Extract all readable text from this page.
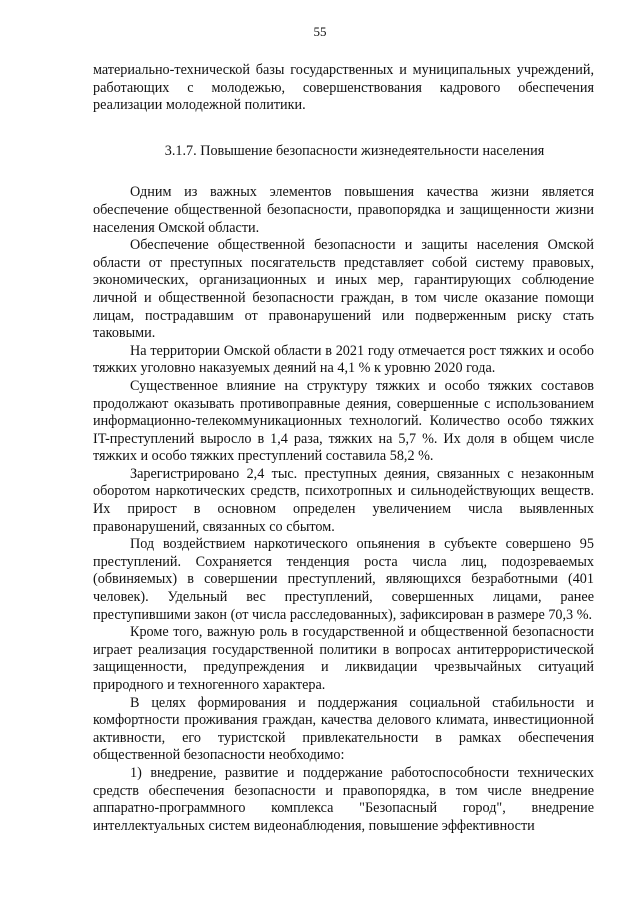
55

материально-технической базы государственных и муниципальных учреждений, работающих с молодежью, совершенствования кадрового обеспечения реализации молодежной политики.

3.1.7. Повышение безопасности жизнедеятельности населения

Одним из важных элементов повышения качества жизни является обеспечение общественной безопасности, правопорядка и защищенности жизни населения Омской области.

Обеспечение общественной безопасности и защиты населения Омской области от преступных посягательств представляет собой систему правовых, экономических, организационных и иных мер, гарантирующих соблюдение личной и общественной безопасности граждан, в том числе оказание помощи лицам, пострадавшим от правонарушений или подверженным риску стать таковыми.

На территории Омской области в 2021 году отмечается рост тяжких и особо тяжких уголовно наказуемых деяний на 4,1 % к уровню 2020 года.

Существенное влияние на структуру тяжких и особо тяжких составов продолжают оказывать противоправные деяния, совершенные с использованием информационно-телекоммуникационных технологий. Количество особо тяжких IT-преступлений выросло в 1,4 раза, тяжких на 5,7 %. Их доля в общем числе тяжких и особо тяжких преступлений составила 58,2 %.

Зарегистрировано 2,4 тыс. преступных деяния, связанных с незаконным оборотом наркотических средств, психотропных и сильнодействующих веществ. Их прирост в основном определен увеличением числа выявленных правонарушений, связанных со сбытом.

Под воздействием наркотического опьянения в субъекте совершено 95 преступлений. Сохраняется тенденция роста числа лиц, подозреваемых (обвиняемых) в совершении преступлений, являющихся безработными (401 человек). Удельный вес преступлений, совершенных лицами, ранее преступившими закон (от числа расследованных), зафиксирован в размере 70,3 %.

Кроме того, важную роль в государственной и общественной безопасности играет реализация государственной политики в вопросах антитеррористической защищенности, предупреждения и ликвидации чрезвычайных ситуаций природного и техногенного характера.

В целях формирования и поддержания социальной стабильности и комфортности проживания граждан, качества делового климата, инвестиционной активности, его туристской привлекательности в рамках обеспечения общественной безопасности необходимо:

1) внедрение, развитие и поддержание работоспособности технических средств обеспечения безопасности и правопорядка, в том числе внедрение аппаратно-программного комплекса "Безопасный город", внедрение интеллектуальных систем видеонаблюдения, повышение эффективности
